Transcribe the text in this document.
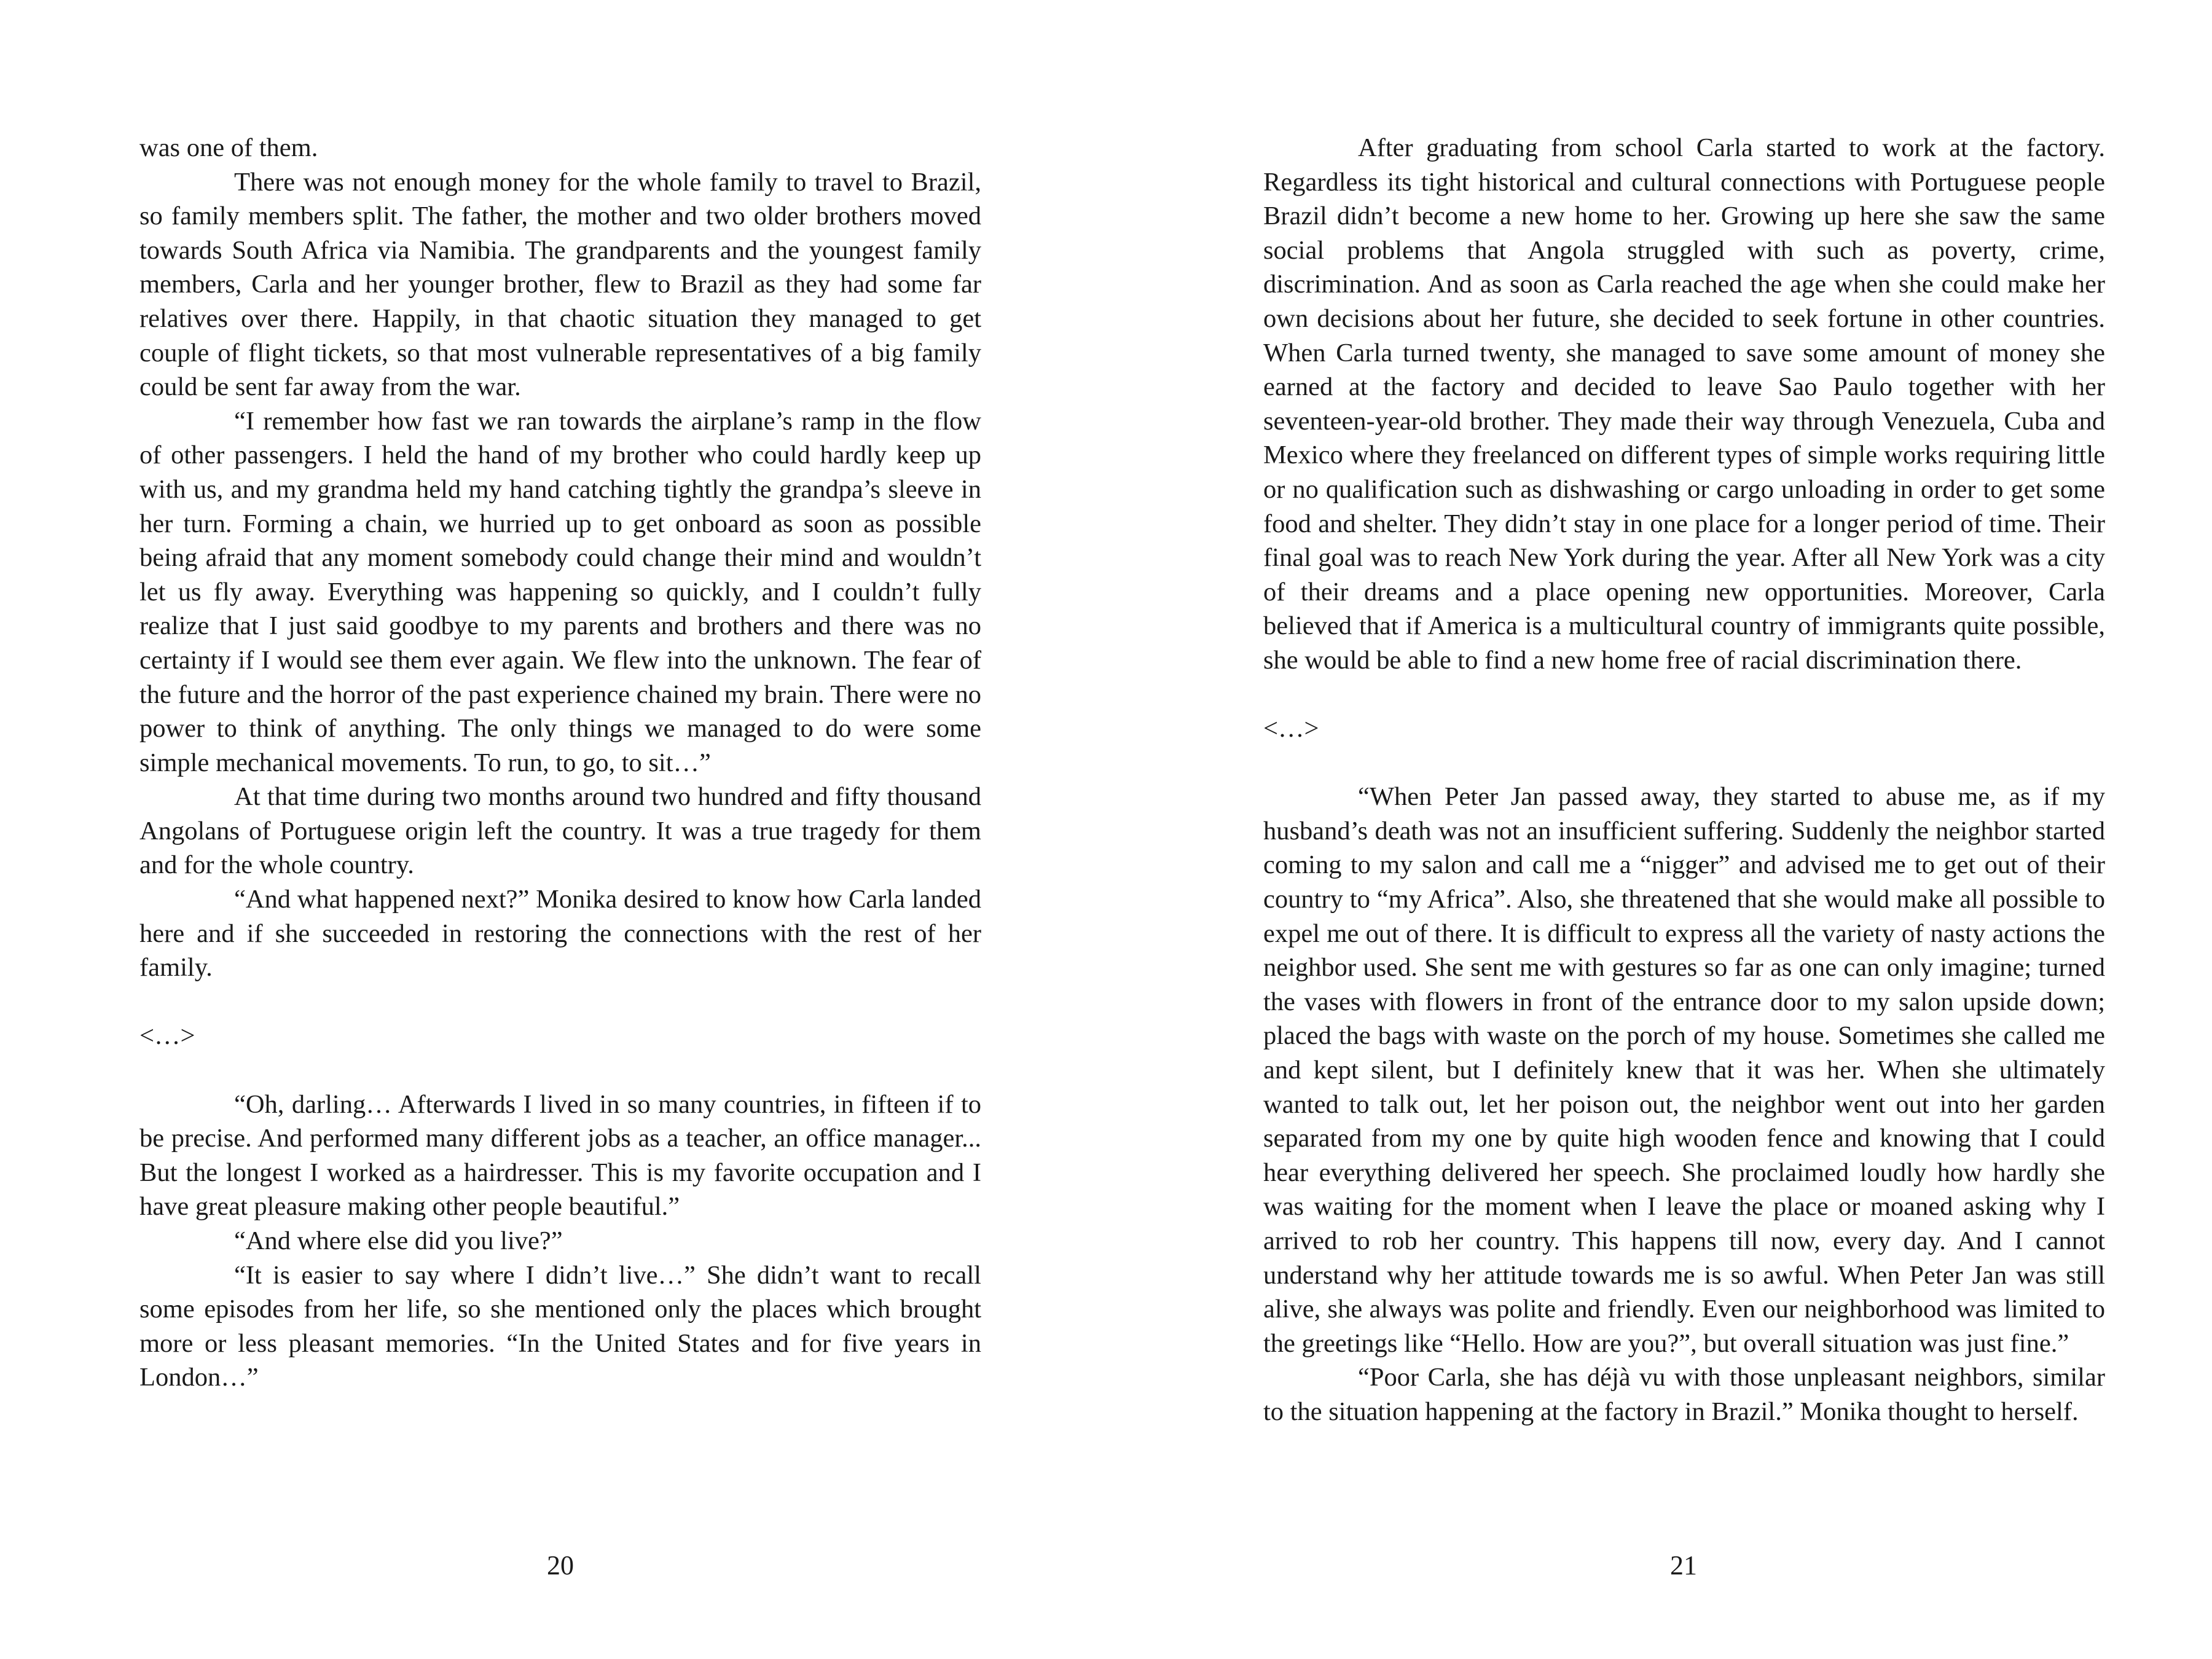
was one of them.

There was not enough money for the whole family to travel to Brazil, so family members split. The father, the mother and two older brothers moved towards South Africa via Namibia. The grandparents and the youngest family members, Carla and her younger brother, flew to Brazil as they had some far relatives over there. Happily, in that chaotic situation they managed to get couple of flight tickets, so that most vulnerable representatives of a big family could be sent far away from the war.

“I remember how fast we ran towards the airplane’s ramp in the flow of other passengers. I held the hand of my brother who could hardly keep up with us, and my grandma held my hand catching tightly the grandpa’s sleeve in her turn. Forming a chain, we hurried up to get onboard as soon as possible being afraid that any moment somebody could change their mind and wouldn’t let us fly away. Everything was happening so quickly, and I couldn’t fully realize that I just said goodbye to my parents and brothers and there was no certainty if I would see them ever again. We flew into the unknown. The fear of the future and the horror of the past experience chained my brain. There were no power to think of anything. The only things we managed to do were some simple mechanical movements. To run, to go, to sit…”

At that time during two months around two hundred and fifty thousand Angolans of Portuguese origin left the country. It was a true tragedy for them and for the whole country.

“And what happened next?” Monika desired to know how Carla landed here and if she succeeded in restoring the connections with the rest of her family.

<…>

“Oh, darling… Afterwards I lived in so many countries, in fifteen if to be precise. And performed many different jobs as a teacher, an office manager... But the longest I worked as a hairdresser. This is my favorite occupation and I have great pleasure making other people beautiful.”

“And where else did you live?”

“It is easier to say where I didn’t live…” She didn’t want to recall some episodes from her life, so she mentioned only the places which brought more or less pleasant memories. “In the United States and for five years in London…”

20

After graduating from school Carla started to work at the factory. Regardless its tight historical and cultural connections with Portuguese people Brazil didn’t become a new home to her. Growing up here she saw the same social problems that Angola struggled with such as poverty, crime, discrimination. And as soon as Carla reached the age when she could make her own decisions about her future, she decided to seek fortune in other countries. When Carla turned twenty, she managed to save some amount of money she earned at the factory and decided to leave Sao Paulo together with her seventeen-year-old brother. They made their way through Venezuela, Cuba and Mexico where they freelanced on different types of simple works requiring little or no qualification such as dishwashing or cargo unloading in order to get some food and shelter. They didn’t stay in one place for a longer period of time. Their final goal was to reach New York during the year. After all New York was a city of their dreams and a place opening new opportunities. Moreover, Carla believed that if America is a multicultural country of immigrants quite possible, she would be able to find a new home free of racial discrimination there.

<…>

“When Peter Jan passed away, they started to abuse me, as if my husband’s death was not an insufficient suffering. Suddenly the neighbor started coming to my salon and call me a “nigger” and advised me to get out of their country to “my Africa”. Also, she threatened that she would make all possible to expel me out of there. It is difficult to express all the variety of nasty actions the neighbor used. She sent me with gestures so far as one can only imagine; turned the vases with flowers in front of the entrance door to my salon upside down; placed the bags with waste on the porch of my house. Sometimes she called me and kept silent, but I definitely knew that it was her. When she ultimately wanted to talk out, let her poison out, the neighbor went out into her garden separated from my one by quite high wooden fence and knowing that I could hear everything delivered her speech. She proclaimed loudly how hardly she was waiting for the moment when I leave the place or moaned asking why I arrived to rob her country. This happens till now, every day. And I cannot understand why her attitude towards me is so awful. When Peter Jan was still alive, she always was polite and friendly. Even our neighborhood was limited to the greetings like “Hello. How are you?”, but overall situation was just fine.”

“Poor Carla, she has déjà vu with those unpleasant neighbors, similar to the situation happening at the factory in Brazil.” Monika thought to herself.

21
